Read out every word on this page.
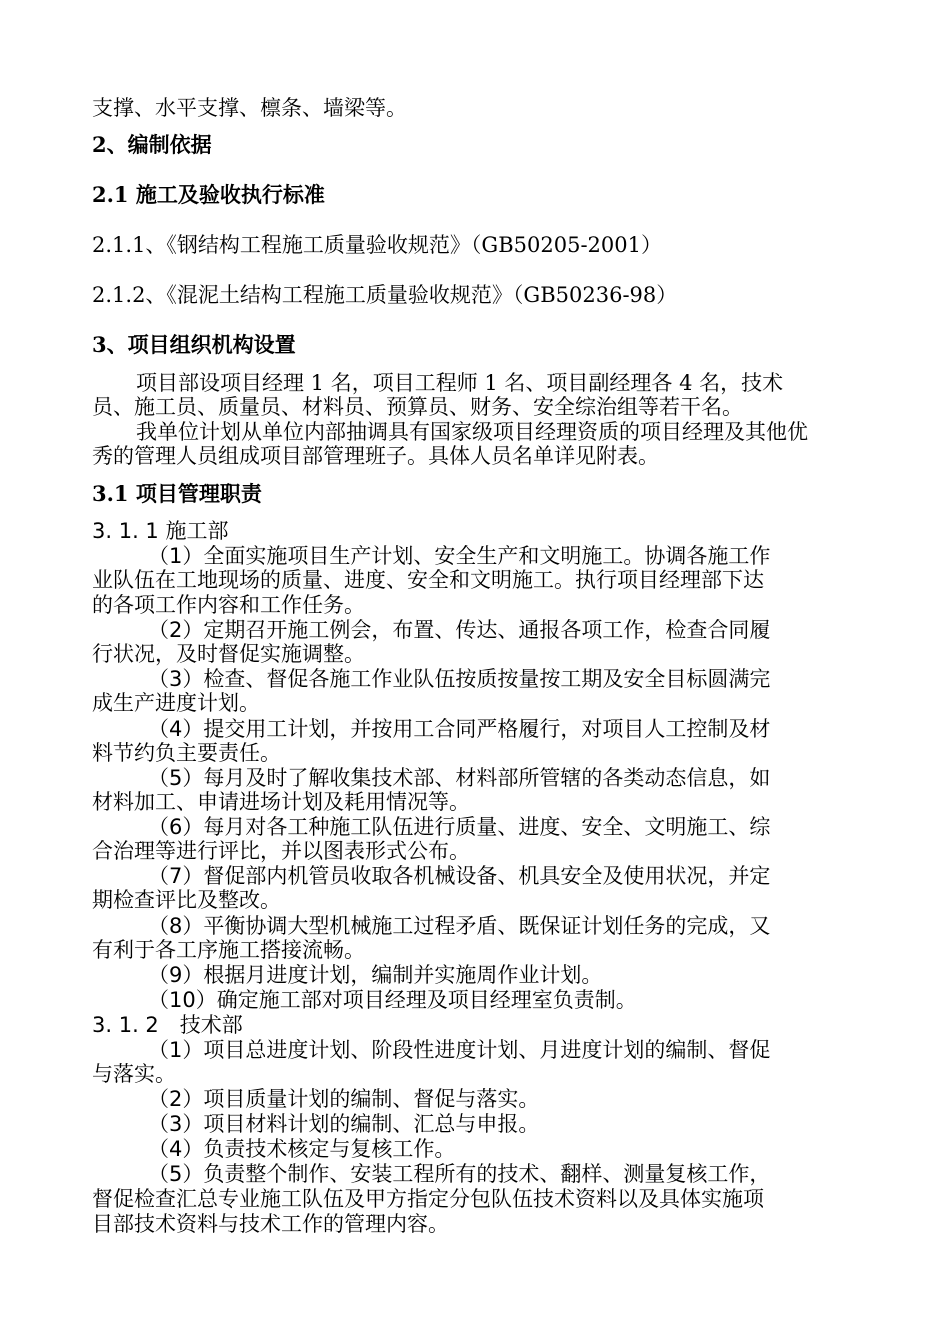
支撑、水平支撑、檩条、墙梁等。
2、编制依据
2.1 施工及验收执行标准
2.1.1、《钢结构工程施工质量验收规范》（GB50205-2001）
2.1.2、《混泥土结构工程施工质量验收规范》（GB50236-98）
3、项目组织机构设置
项目部设项目经理 1 名，项目工程师 1 名、项目副经理各 4 名，技术
员、施工员、质量员、材料员、预算员、财务、安全综治组等若干名。
我单位计划从单位内部抽调具有国家级项目经理资质的项目经理及其他优
秀的管理人员组成项目部管理班子。具体人员名单详见附表。
3.1 项目管理职责
3. 1. 1 施工部
（1）全面实施项目生产计划、安全生产和文明施工。协调各施工作
业队伍在工地现场的质量、进度、安全和文明施工。执行项目经理部下达
的各项工作内容和工作任务。
（2）定期召开施工例会，布置、传达、通报各项工作，检查合同履
行状况，及时督促实施调整。
（3）检查、督促各施工作业队伍按质按量按工期及安全目标圆满完
成生产进度计划。
（4）提交用工计划，并按用工合同严格履行，对项目人工控制及材
料节约负主要责任。
（5）每月及时了解收集技术部、材料部所管辖的各类动态信息，如
材料加工、申请进场计划及耗用情况等。
（6）每月对各工种施工队伍进行质量、进度、安全、文明施工、综
合治理等进行评比，并以图表形式公布。
（7）督促部内机管员收取各机械设备、机具安全及使用状况，并定
期检查评比及整改。
（8）平衡协调大型机械施工过程矛盾、既保证计划任务的完成，又
有利于各工序施工搭接流畅。
（9）根据月进度计划，编制并实施周作业计划。
（10）确定施工部对项目经理及项目经理室负责制。
3. 1. 2　技术部
（1）项目总进度计划、阶段性进度计划、月进度计划的编制、督促
与落实。
（2）项目质量计划的编制、督促与落实。
（3）项目材料计划的编制、汇总与申报。
（4）负责技术核定与复核工作。
（5）负责整个制作、安装工程所有的技术、翻样、测量复核工作，
督促检查汇总专业施工队伍及甲方指定分包队伍技术资料以及具体实施项
目部技术资料与技术工作的管理内容。
